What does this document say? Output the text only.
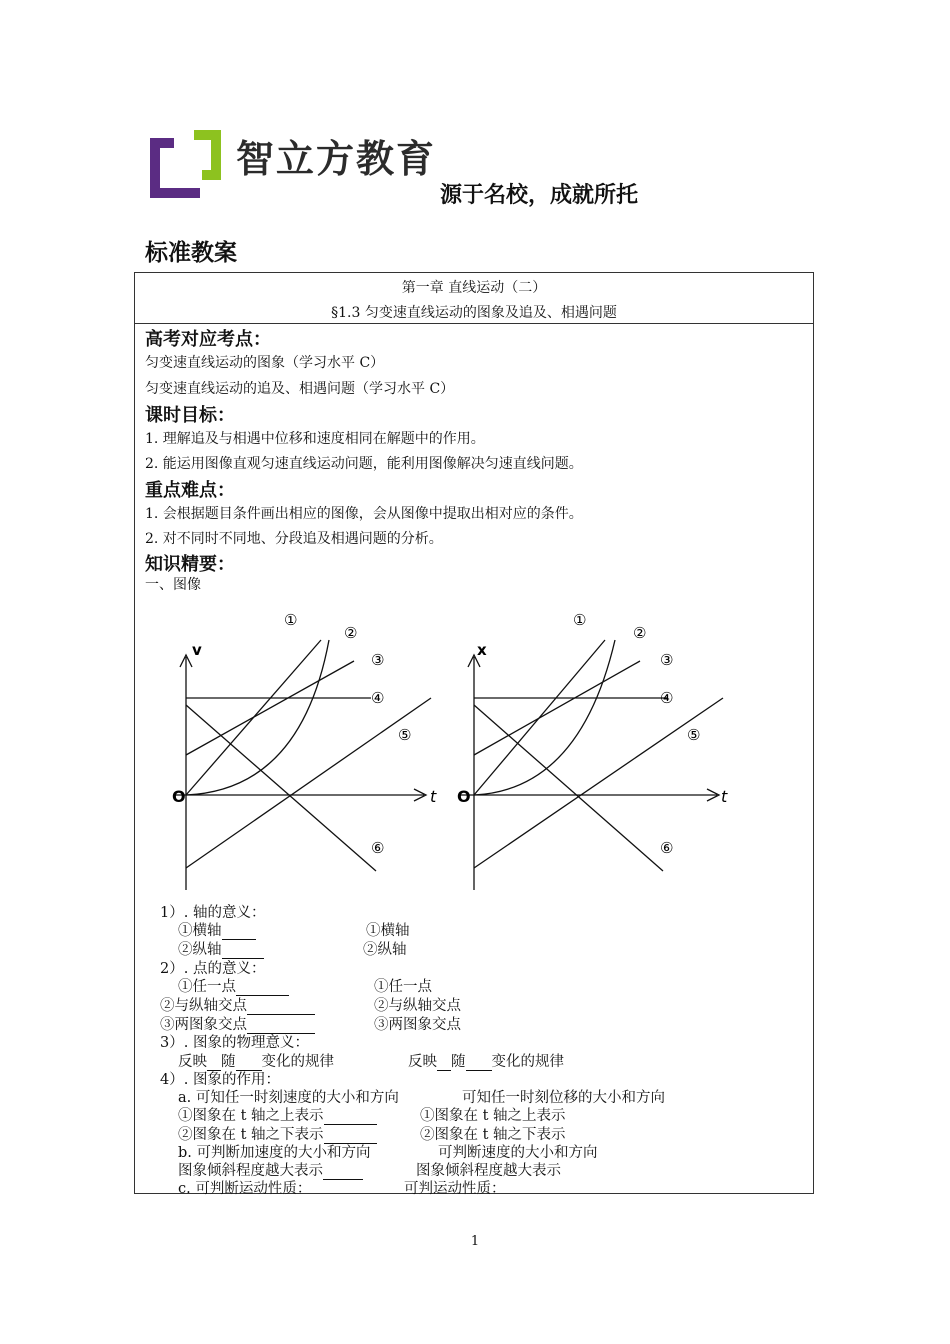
智立方教育
源于名校，成就所托
标准教案
第一章 直线运动（二）
§1.3 匀变速直线运动的图象及追及、相遇问题
高考对应考点：
匀变速直线运动的图象（学习水平 C）
匀变速直线运动的追及、相遇问题（学习水平 C）
课时目标：
1. 理解追及与相遇中位移和速度相同在解题中的作用。
2. 能运用图像直观匀速直线运动问题，能利用图像解决匀速直线问题。
重点难点：
1. 会根据题目条件画出相应的图像，会从图像中提取出相对应的条件。
2. 对不同时不同地、分段追及相遇问题的分析。
知识精要：
一、图像
v
O	t
①
②
③
④
⑤
⑥
x
O	t
①
②
③
④
⑤
⑥
1）. 轴的意义：
①横轴	①横轴
②纵轴	②纵轴
2）. 点的意义：
①任一点	①任一点
②与纵轴交点	②与纵轴交点
③两图象交点	③两图象交点
3）. 图象的物理意义：
反映 随 变化的规律	反映 随 变化的规律
4）. 图象的作用：
a. 可知任一时刻速度的大小和方向	可知任一时刻位移的大小和方向
①图象在 t 轴之上表示	①图象在 t 轴之上表示
②图象在 t 轴之下表示	②图象在 t 轴之下表示
b. 可判断加速度的大小和方向	可判断速度的大小和方向
图象倾斜程度越大表示	图象倾斜程度越大表示
c. 可判断运动性质：	可判运动性质：
1
